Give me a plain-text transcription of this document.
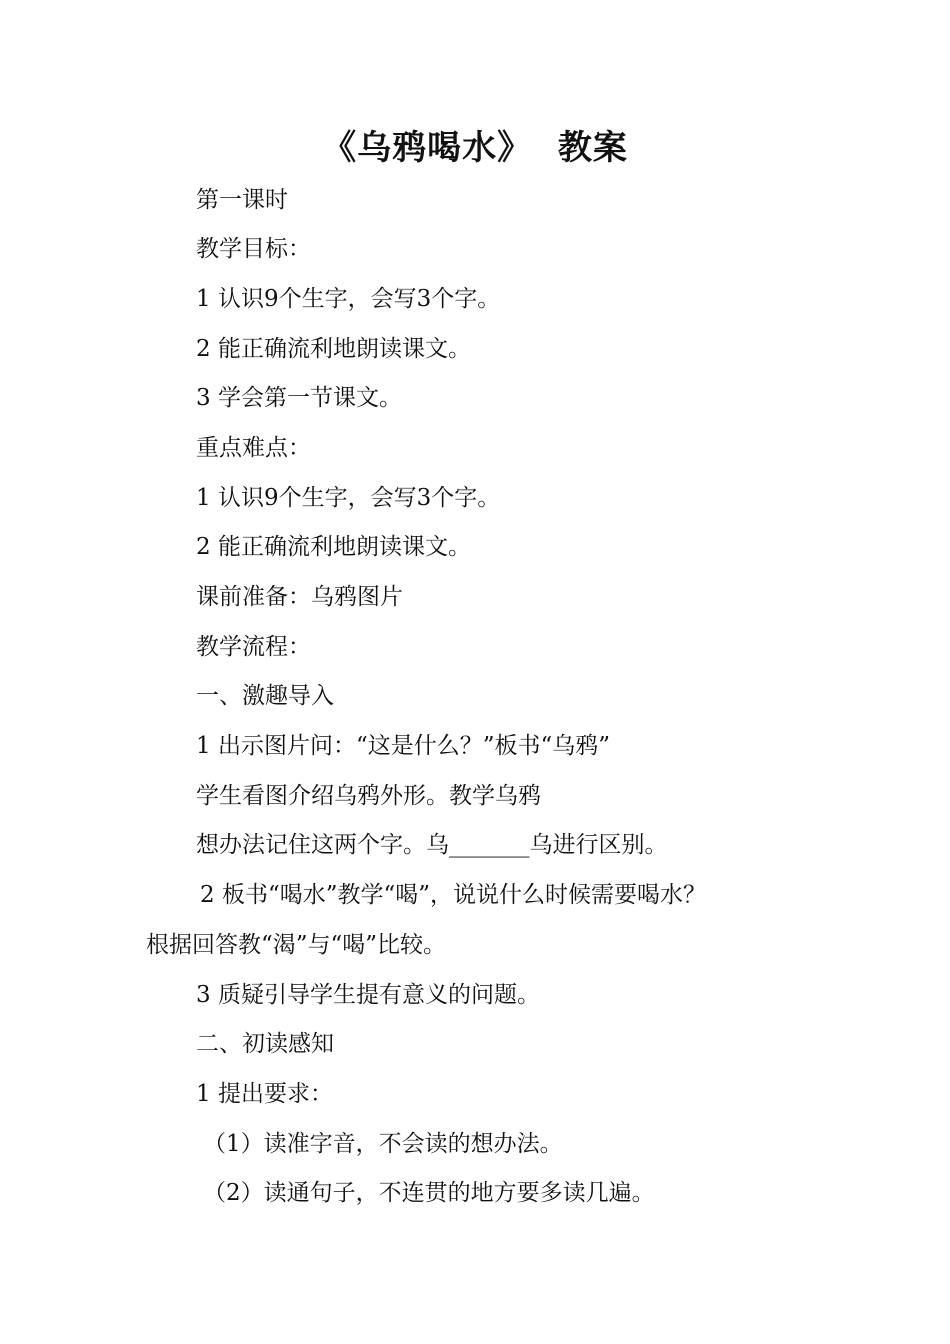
《乌鸦喝水》  教案
第一课时
教学目标：
1 认识9个生字，会写3个字。
2 能正确流利地朗读课文。
3 学会第一节课文。
重点难点：
1 认识9个生字，会写3个字。
2 能正确流利地朗读课文。
课前准备：乌鸦图片
教学流程：
一、激趣导入
1 出示图片问：“这是什么？”板书“乌鸦”
学生看图介绍乌鸦外形。教学乌鸦
想办法记住这两个字。乌_______乌进行区别。
2 板书“喝水”教学“喝”，说说什么时候需要喝水？
根据回答教“渴”与“喝”比较。
3 质疑引导学生提有意义的问题。
二、初读感知
1 提出要求：
（1）读准字音，不会读的想办法。
（2）读通句子，不连贯的地方要多读几遍。
